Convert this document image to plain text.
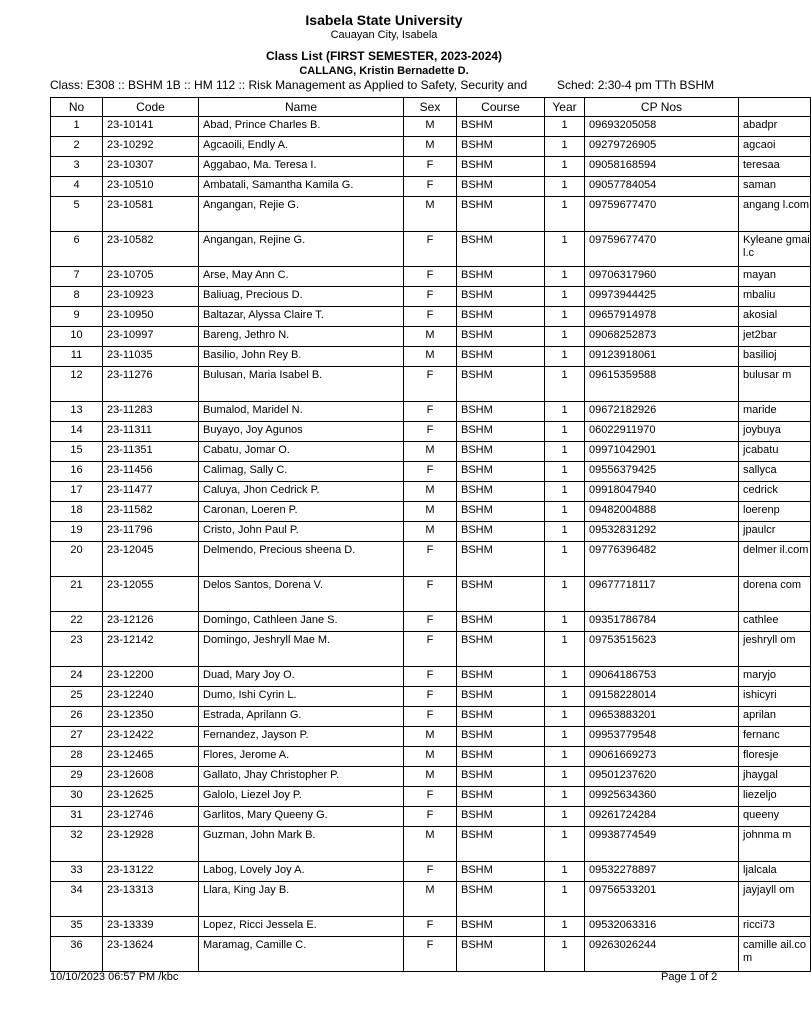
Isabela State University
Cauayan City, Isabela
Class List (FIRST SEMESTER, 2023-2024)
CALLANG, Kristin Bernadette D.
Class: E308 :: BSHM 1B :: HM 112 :: Risk Management as Applied to Safety, Security and Sched: 2:30-4 pm TTh BSHM
No	Code	Name	Sex	Course	Year	CP Nos	
1	23-10141	Abad, Prince Charles B.	M	BSHM	1	09693205058	abadpr
2	23-10292	Agcaoili, Endly A.	M	BSHM	1	09279726905	agcaoi
3	23-10307	Aggabao, Ma. Teresa I.	F	BSHM	1	09058168594	teresaa
4	23-10510	Ambatali, Samantha Kamila G.	F	BSHM	1	09057784054	saman
5	23-10581	Angangan, Rejie G.	M	BSHM	1	09759677470	angang l.com
6	23-10582	Angangan, Rejine G.	F	BSHM	1	09759677470	Kyleane gmail.c
7	23-10705	Arse, May Ann C.	F	BSHM	1	09706317960	mayan
8	23-10923	Baliuag, Precious D.	F	BSHM	1	09973944425	mbaliu
9	23-10950	Baltazar, Alyssa Claire T.	F	BSHM	1	09657914978	akosial
10	23-10997	Bareng, Jethro N.	M	BSHM	1	09068252873	jet2bar
11	23-11035	Basilio, John Rey B.	M	BSHM	1	09123918061	basilioj
12	23-11276	Bulusan, Maria Isabel B.	F	BSHM	1	09615359588	bulusar m
13	23-11283	Bumalod, Maridel N.	F	BSHM	1	09672182926	maride
14	23-11311	Buyayo, Joy Agunos	F	BSHM	1	06022911970	joybuya
15	23-11351	Cabatu, Jomar O.	M	BSHM	1	09971042901	jcabatu
16	23-11456	Calimag, Sally C.	F	BSHM	1	09556379425	sallyca
17	23-11477	Caluya, Jhon Cedrick P.	M	BSHM	1	09918047940	cedrick
18	23-11582	Caronan, Loeren P.	M	BSHM	1	09482004888	loerenp
19	23-11796	Cristo, John Paul P.	M	BSHM	1	09532831292	jpaulcr
20	23-12045	Delmendo, Precious sheena D.	F	BSHM	1	09776396482	delmer il.com
21	23-12055	Delos Santos, Dorena V.	F	BSHM	1	09677718117	dorena com
22	23-12126	Domingo, Cathleen Jane S.	F	BSHM	1	09351786784	cathlee
23	23-12142	Domingo, Jeshryll Mae M.	F	BSHM	1	09753515623	jeshryll om
24	23-12200	Duad, Mary Joy O.	F	BSHM	1	09064186753	maryjo
25	23-12240	Dumo, Ishi Cyrin L.	F	BSHM	1	09158228014	ishicyri
26	23-12350	Estrada, Aprilann G.	F	BSHM	1	09653883201	aprilan
27	23-12422	Fernandez, Jayson P.	M	BSHM	1	09953779548	fernanc
28	23-12465	Flores, Jerome A.	M	BSHM	1	09061669273	floresje
29	23-12608	Gallato, Jhay Christopher P.	M	BSHM	1	09501237620	jhaygal
30	23-12625	Galolo, Liezel Joy P.	F	BSHM	1	09925634360	liezeljo
31	23-12746	Garlitos, Mary Queeny G.	F	BSHM	1	09261724284	queeny
32	23-12928	Guzman, John Mark B.	M	BSHM	1	09938774549	johnma m
33	23-13122	Labog, Lovely Joy A.	F	BSHM	1	09532278897	ljalcala
34	23-13313	Llara, King Jay B.	M	BSHM	1	09756533201	jayjayll om
35	23-13339	Lopez, Ricci Jessela E.	F	BSHM	1	09532063316	ricci73
36	23-13624	Maramag, Camille C.	F	BSHM	1	09263026244	camille ail.com
10/10/2023 06:57 PM /kbc	Page 1 of 2
